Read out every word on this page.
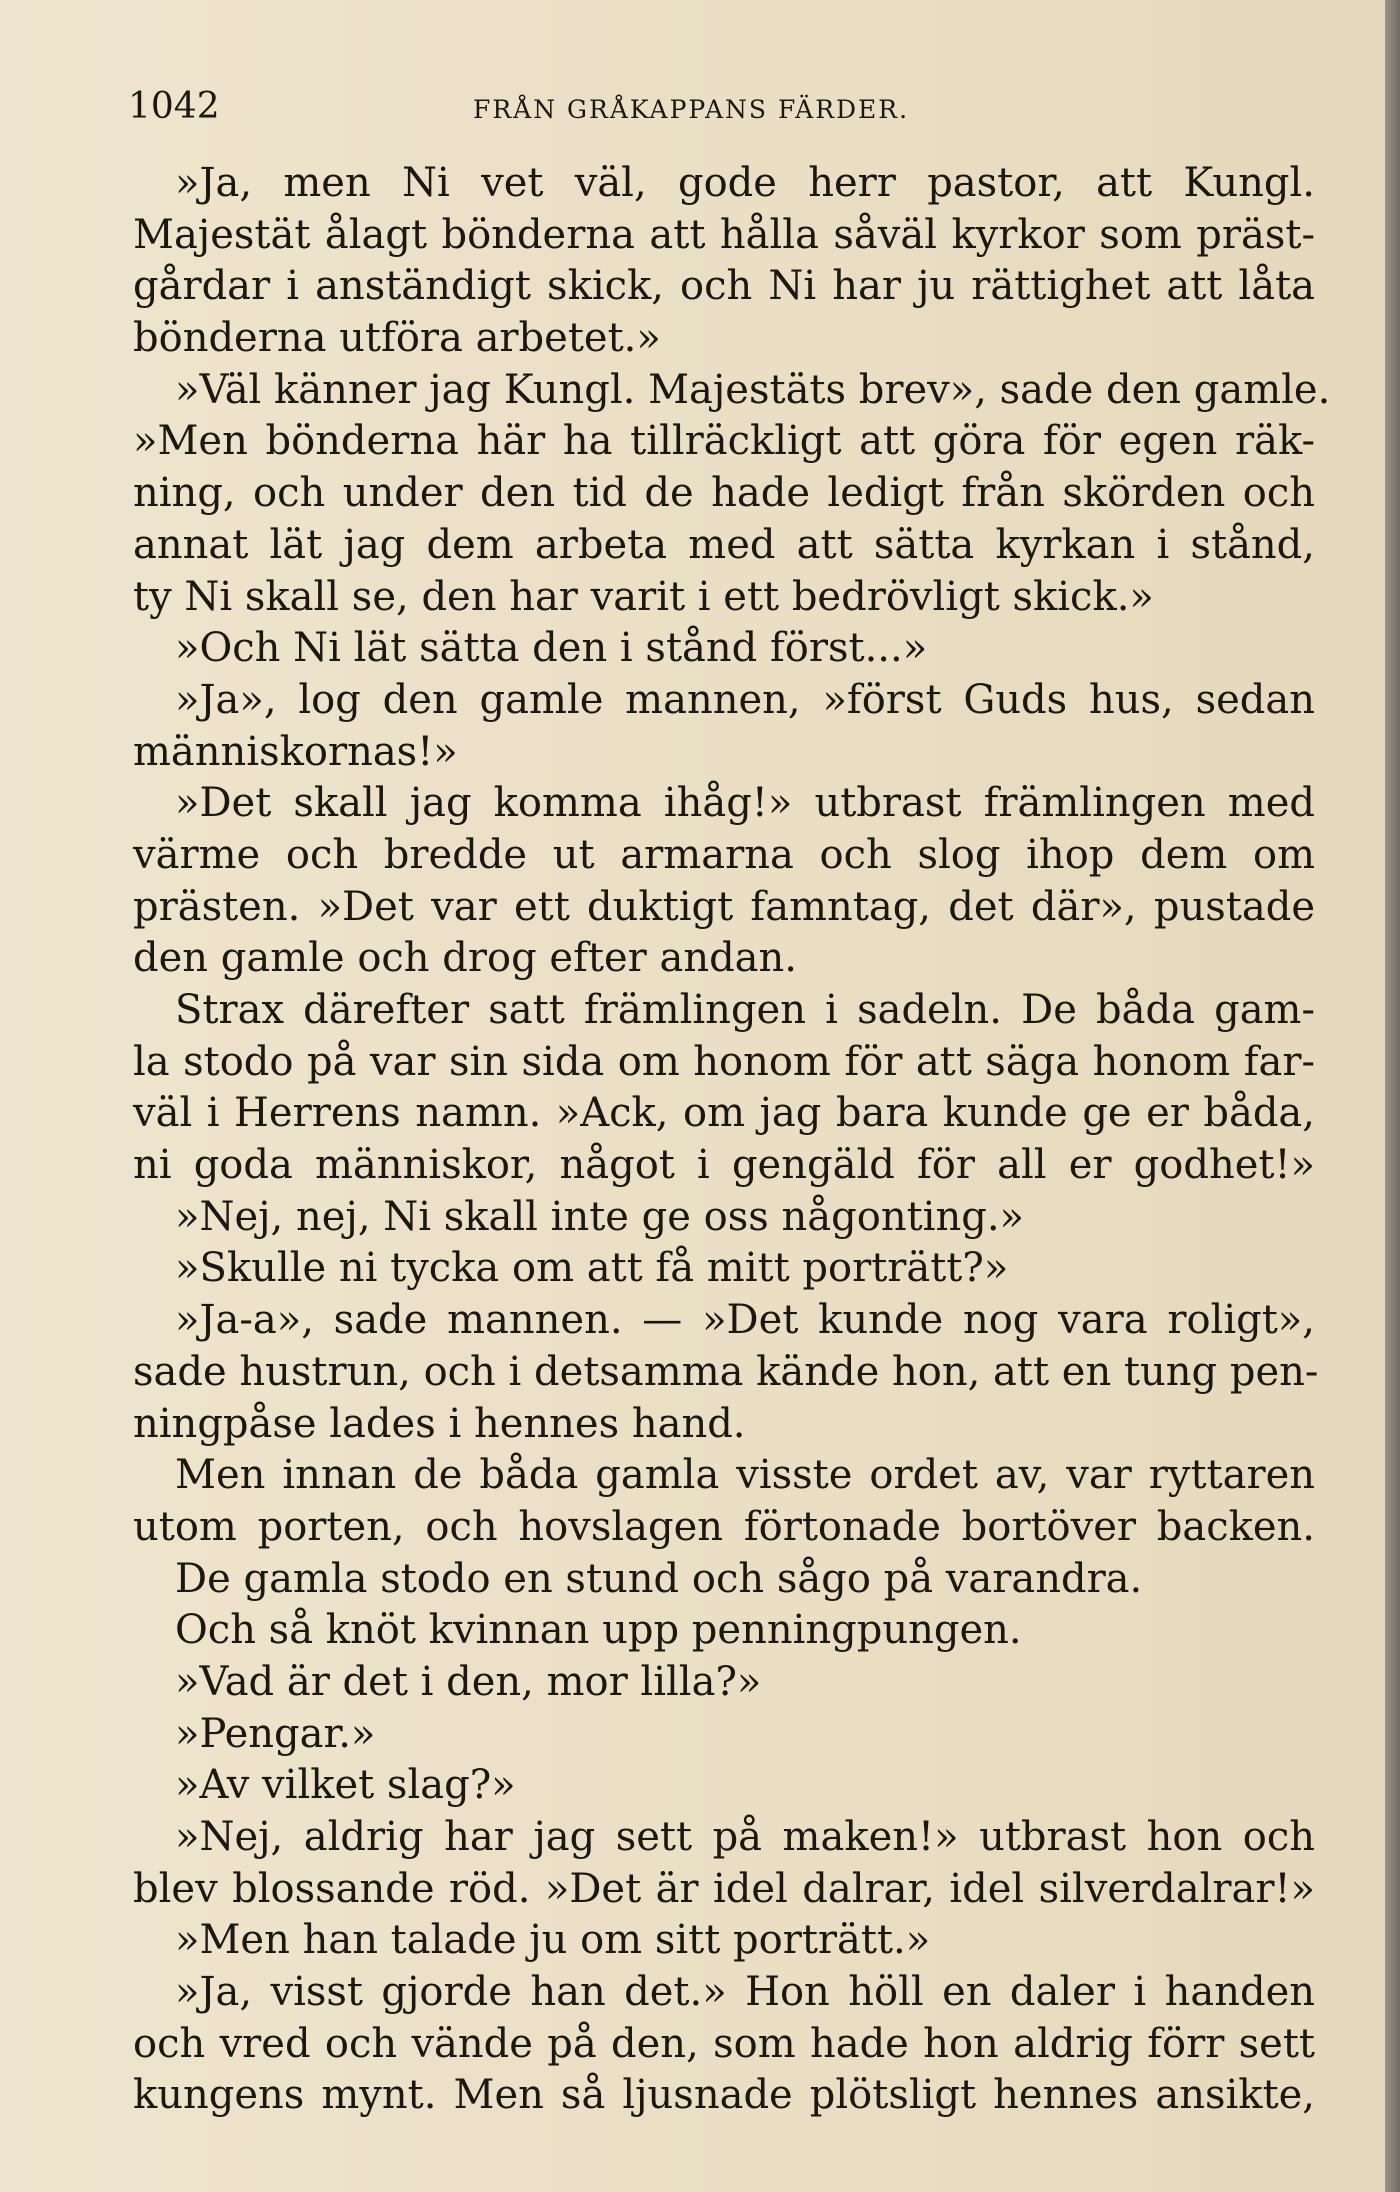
1042	FRÅN GRÅKAPPANS FÄRDER.
»Ja, men Ni vet väl, gode herr pastor, att Kungl.
Majestät ålagt bönderna att hålla såväl kyrkor som präst-
gårdar i anständigt skick, och Ni har ju rättighet att låta
bönderna utföra arbetet.»
»Väl känner jag Kungl. Majestäts brev», sade den gamle.
»Men bönderna här ha tillräckligt att göra för egen räk-
ning, och under den tid de hade ledigt från skörden och
annat lät jag dem arbeta med att sätta kyrkan i stånd,
ty Ni skall se, den har varit i ett bedrövligt skick.»
»Och Ni lät sätta den i stånd först...»
»Ja», log den gamle mannen, »först Guds hus, sedan
människornas!»
»Det skall jag komma ihåg!» utbrast främlingen med
värme och bredde ut armarna och slog ihop dem om
prästen. »Det var ett duktigt famntag, det där», pustade
den gamle och drog efter andan.
Strax därefter satt främlingen i sadeln. De båda gam-
la stodo på var sin sida om honom för att säga honom far-
väl i Herrens namn. »Ack, om jag bara kunde ge er båda,
ni goda människor, något i gengäld för all er godhet!»
»Nej, nej, Ni skall inte ge oss någonting.»
»Skulle ni tycka om att få mitt porträtt?»
»Ja-a», sade mannen. — »Det kunde nog vara roligt»,
sade hustrun, och i detsamma kände hon, att en tung pen-
ningpåse lades i hennes hand.
Men innan de båda gamla visste ordet av, var ryttaren
utom porten, och hovslagen förtonade bortöver backen.
De gamla stodo en stund och sågo på varandra.
Och så knöt kvinnan upp penningpungen.
»Vad är det i den, mor lilla?»
»Pengar.»
»Av vilket slag?»
»Nej, aldrig har jag sett på maken!» utbrast hon och
blev blossande röd. »Det är idel dalrar, idel silverdalrar!»
»Men han talade ju om sitt porträtt.»
»Ja, visst gjorde han det.» Hon höll en daler i handen
och vred och vände på den, som hade hon aldrig förr sett
kungens mynt. Men så ljusnade plötsligt hennes ansikte,
